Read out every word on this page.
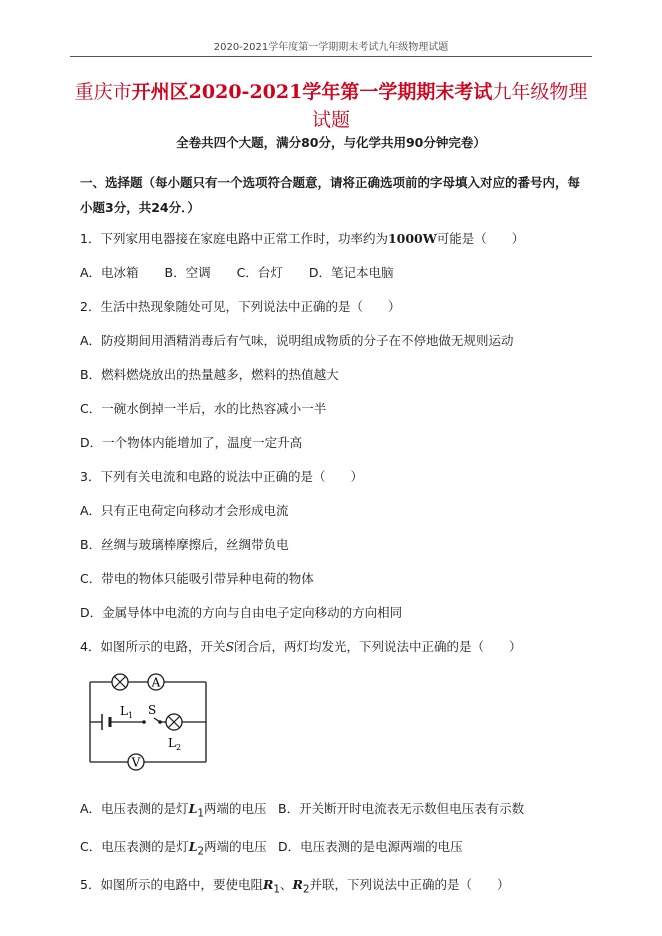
2020-2021学年度第一学期期末考试九年级物理试题
重庆市开州区2020-2021学年第一学期期末考试九年级物理
试题
全卷共四个大题，满分80分，与化学共用90分钟完卷）
一、选择题（每小题只有一个选项符合题意，请将正确选项前的字母填入对应的番号内，每小题3分，共24分．）
1．下列家用电器接在家庭电路中正常工作时，功率约为1000W可能是（　　）
A．电冰箱 B．空调 C．台灯 D．笔记本电脑
2．生活中热现象随处可见，下列说法中正确的是（　　）
A．防疫期间用酒精消毒后有气味，说明组成物质的分子在不停地做无规则运动
B．燃料燃烧放出的热量越多，燃料的热值越大
C．一碗水倒掉一半后，水的比热容减小一半
D．一个物体内能增加了，温度一定升高
3．下列有关电流和电路的说法中正确的是（　　）
A．只有正电荷定向移动才会形成电流
B．丝绸与玻璃棒摩擦后，丝绸带负电
C．带电的物体只能吸引带异种电荷的物体
D．金属导体中电流的方向与自由电子定向移动的方向相同
4．如图所示的电路，开关S闭合后，两灯均发光，下列说法中正确的是（　　）
A
L 1 S
L 2
V
A．电压表测的是灯$L_1$两端的电压 B．开关断开时电流表无示数但电压表有示数
C．电压表测的是灯$L_2$两端的电压 D．电压表测的是电源两端的电压
5．如图所示的电路中，要使电阻$R_1$、$R_2$并联，下列说法中正确的是（　　）
